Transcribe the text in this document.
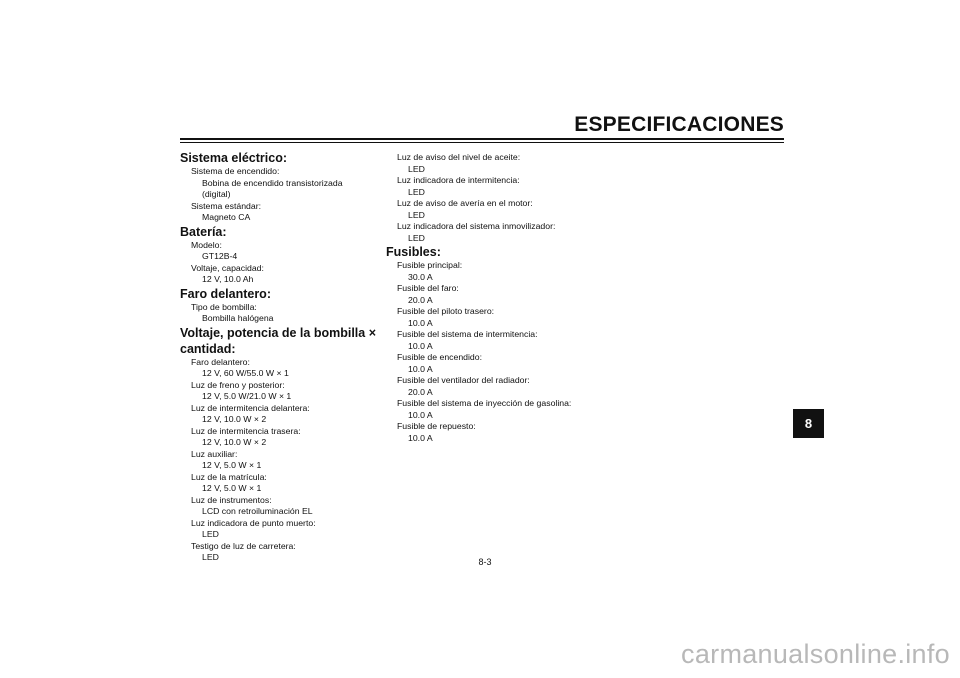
ESPECIFICACIONES
Sistema eléctrico:
Sistema de encendido:
Bobina de encendido transistorizada
(digital)
Sistema estándar:
Magneto CA
Batería:
Modelo:
GT12B-4
Voltaje, capacidad:
12 V, 10.0 Ah
Faro delantero:
Tipo de bombilla:
Bombilla halógena
Voltaje, potencia de la bombilla ×
cantidad:
Faro delantero:
12 V, 60 W/55.0 W × 1
Luz de freno y posterior:
12 V, 5.0 W/21.0 W × 1
Luz de intermitencia delantera:
12 V, 10.0 W × 2
Luz de intermitencia trasera:
12 V, 10.0 W × 2
Luz auxiliar:
12 V, 5.0 W × 1
Luz de la matrícula:
12 V, 5.0 W × 1
Luz de instrumentos:
LCD con retroiluminación EL
Luz indicadora de punto muerto:
LED
Testigo de luz de carretera:
LED
Luz de aviso del nivel de aceite:
LED
Luz indicadora de intermitencia:
LED
Luz de aviso de avería en el motor:
LED
Luz indicadora del sistema inmovilizador:
LED
Fusibles:
Fusible principal:
30.0 A
Fusible del faro:
20.0 A
Fusible del piloto trasero:
10.0 A
Fusible del sistema de intermitencia:
10.0 A
Fusible de encendido:
10.0 A
Fusible del ventilador del radiador:
20.0 A
Fusible del sistema de inyección de gasolina:
10.0 A
Fusible de repuesto:
10.0 A
8
8-3
carmanualsonline.info
